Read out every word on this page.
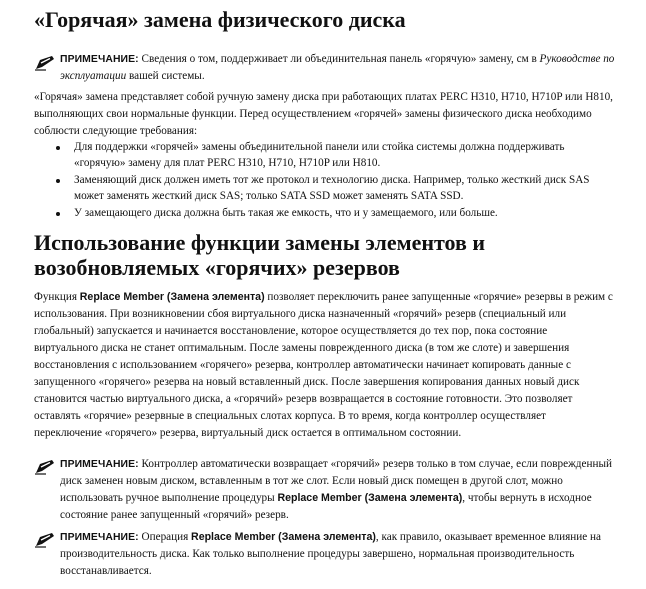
«Горячая» замена физического диска
ПРИМЕЧАНИЕ: Сведения о том, поддерживает ли объединительная панель «горячую» замену, см в Руководстве по эксплуатации вашей системы.

«Горячая» замена представляет собой ручную замену диска при работающих платах PERC H310, H710, H710P или H810, выполняющих свои нормальные функции. Перед осуществлением «горячей» замены физического диска необходимо соблюсти следующие требования:

Для поддержки «горячей» замены объединительной панели или стойка системы должна поддерживать «горячую» замену для плат PERC H310, H710, H710P или H810.
Заменяющий диск должен иметь тот же протокол и технологию диска. Например, только жесткий диск SAS может заменять жесткий диск SAS; только SATA SSD может заменять SATA SSD.
У замещающего диска должна быть такая же емкость, что и у замещаемого, или больше.
Использование функции замены элементов и возобновляемых «горячих» резервов

Функция Replace Member (Замена элемента) позволяет переключить ранее запущенные «горячие» резервы в режим с использования. При возникновении сбоя виртуального диска назначенный «горячий» резерв (специальный или глобальный) запускается и начинается восстановление, которое осуществляется до тех пор, пока состояние виртуального диска не станет оптимальным. После замены поврежденного диска (в том же слоте) и завершения восстановления с использованием «горячего» резерва, контроллер автоматически начинает копировать данные с запущенного «горячего» резерва на новый вставленный диск. После завершения копирования данных новый диск становится частью виртуального диска, а «горячий» резерв возвращается в состояние готовности. Это позволяет оставлять «горячие» резервные в специальных слотах корпуса. В то время, когда контроллер осуществляет переключение «горячего» резерва, виртуальный диск остается в оптимальном состоянии.

ПРИМЕЧАНИЕ: Контроллер автоматически возвращает «горячий» резерв только в том случае, если поврежденный диск заменен новым диском, вставленным в тот же слот. Если новый диск помещен в другой слот, можно использовать ручное выполнение процедуры Replace Member (Замена элемента), чтобы вернуть в исходное состояние ранее запущенный «горячий» резерв.
ПРИМЕЧАНИЕ: Операция Replace Member (Замена элемента), как правило, оказывает временное влияние на производительность диска. Как только выполнение процедуры завершено, нормальная производительность восстанавливается.
